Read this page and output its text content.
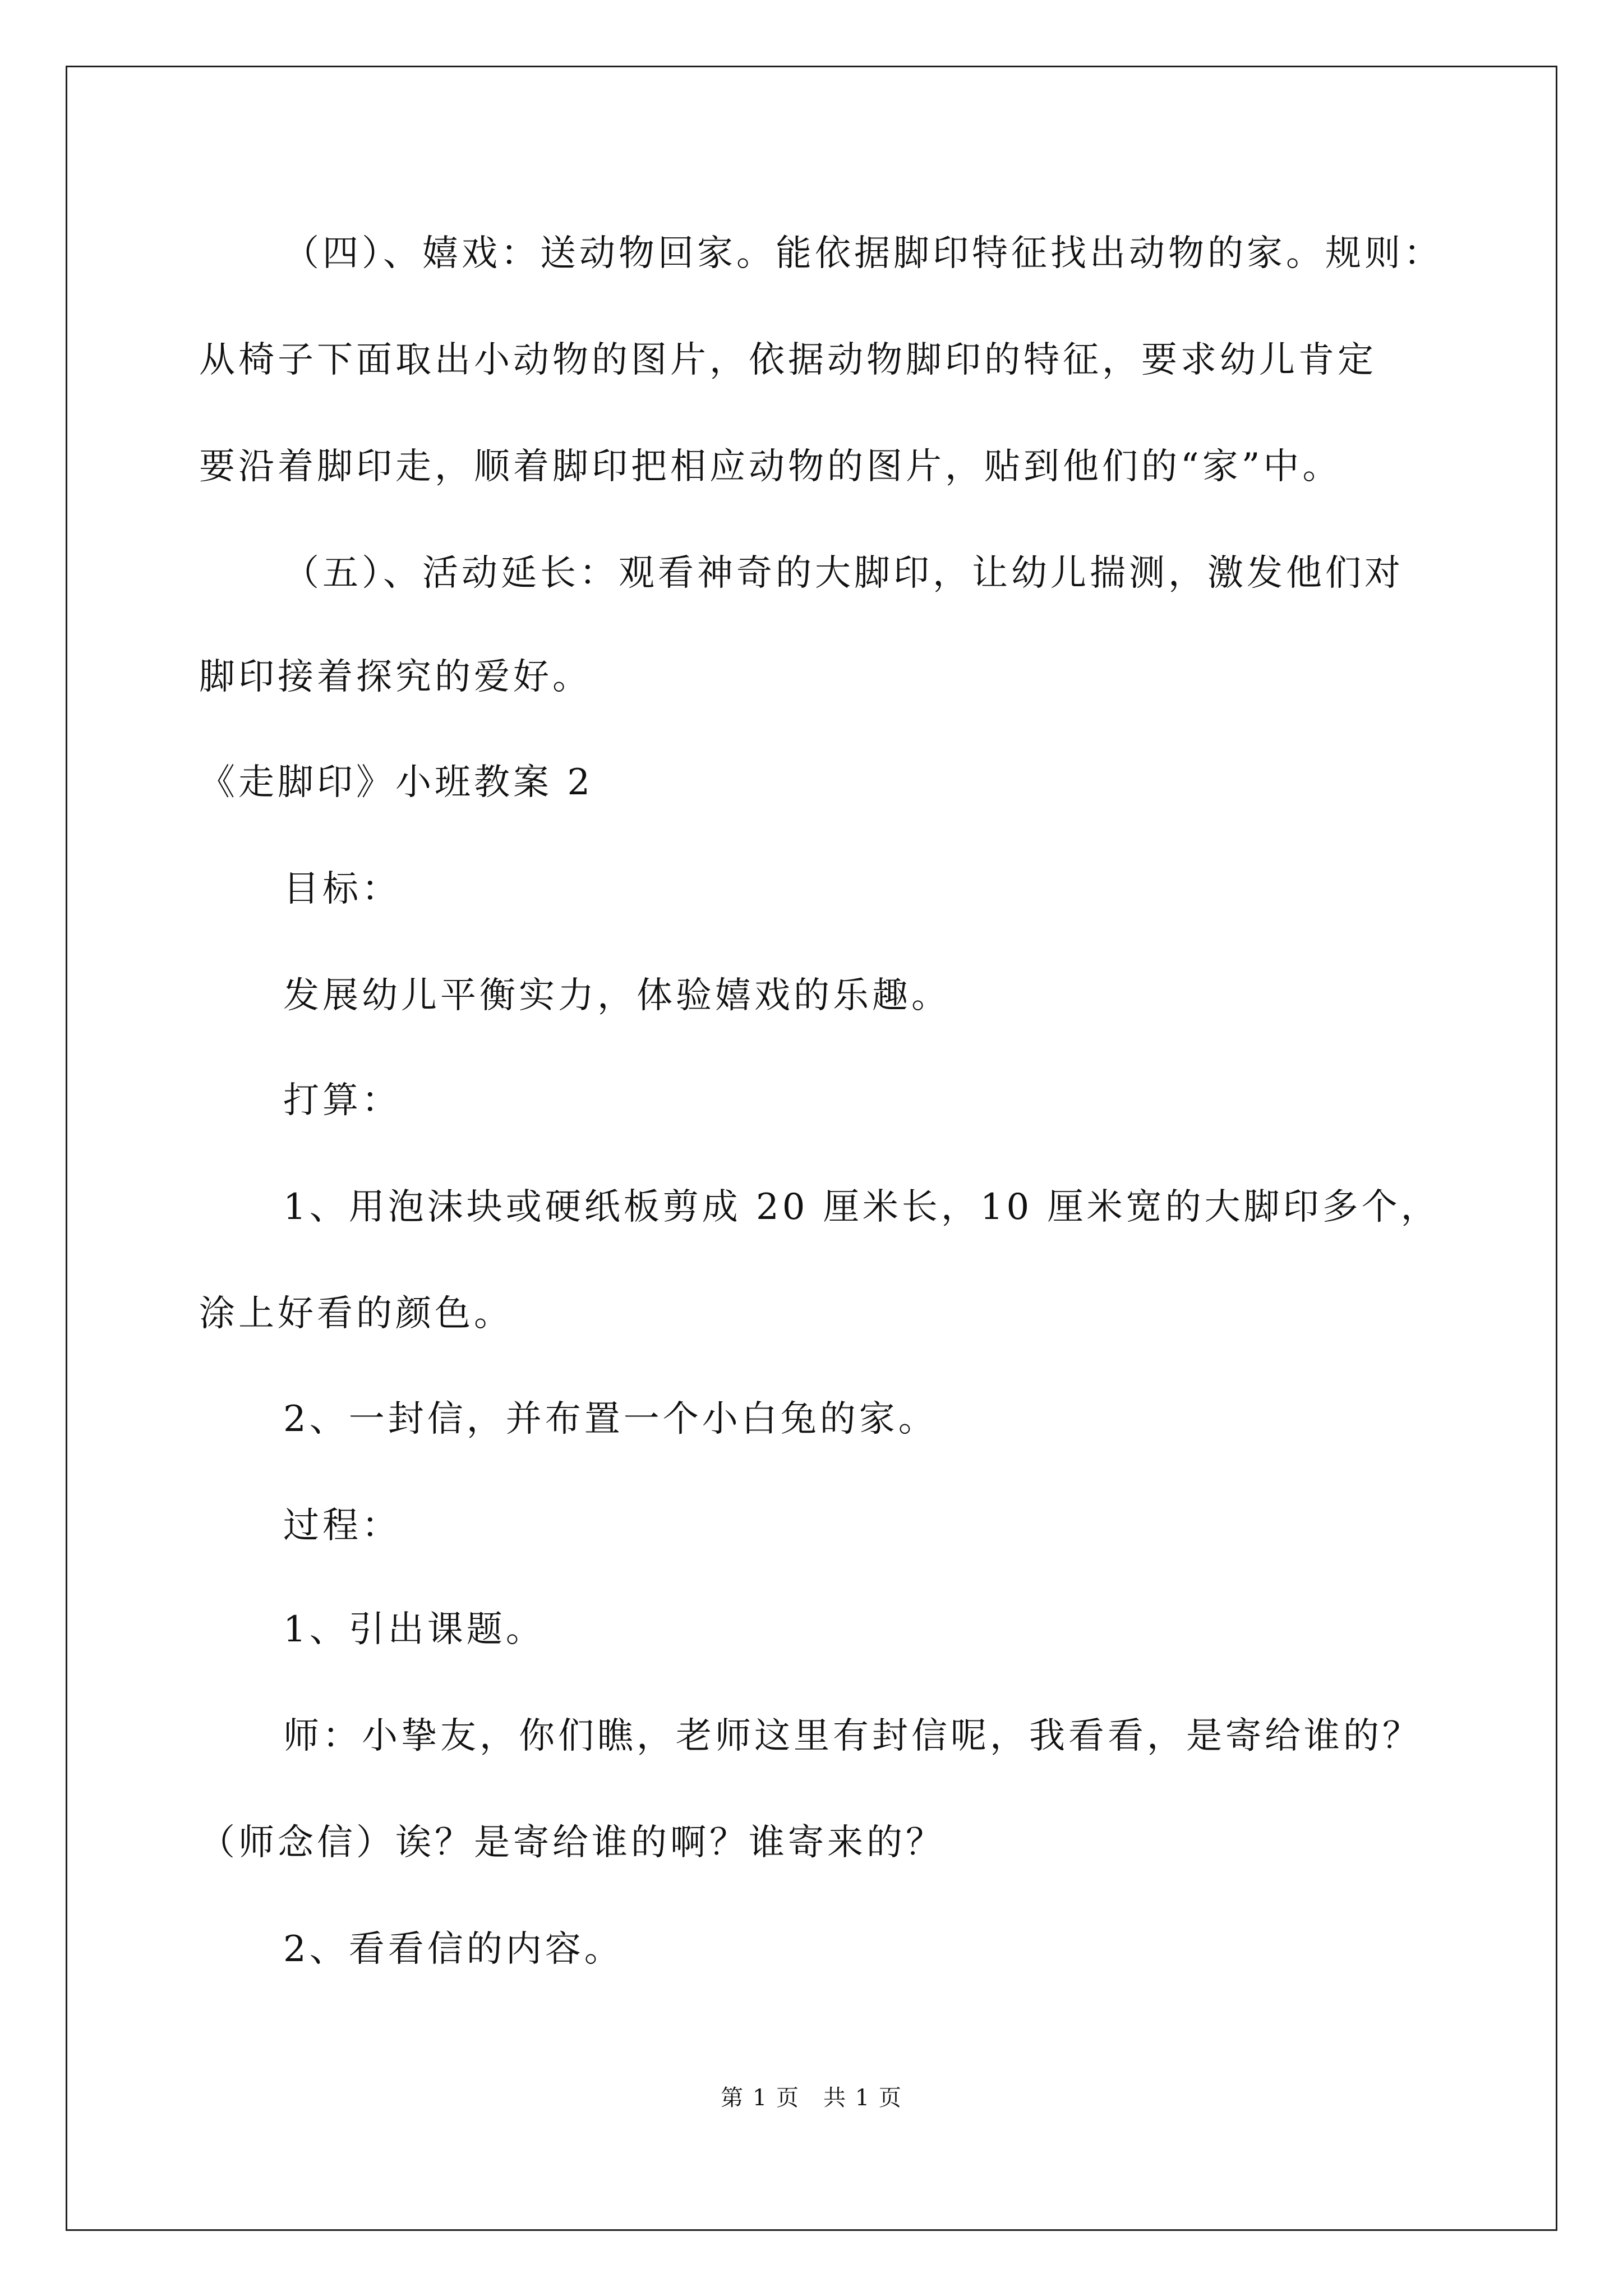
（四）、嬉戏：送动物回家。能依据脚印特征找出动物的家。规则：
从椅子下面取出小动物的图片，依据动物脚印的特征，要求幼儿肯定
要沿着脚印走，顺着脚印把相应动物的图片，贴到他们的“家”中。
（五）、活动延长：观看神奇的大脚印，让幼儿揣测，激发他们对
脚印接着探究的爱好。
《走脚印》小班教案 2
目标：
发展幼儿平衡实力，体验嬉戏的乐趣。
打算：
1、用泡沫块或硬纸板剪成 20 厘米长，10 厘米宽的大脚印多个，
涂上好看的颜色。
2、一封信，并布置一个小白兔的家。
过程：
1、引出课题。
师：小挚友，你们瞧，老师这里有封信呢，我看看，是寄给谁的？
（师念信）诶？是寄给谁的啊？谁寄来的？
2、看看信的内容。
第 1 页　共 1 页
